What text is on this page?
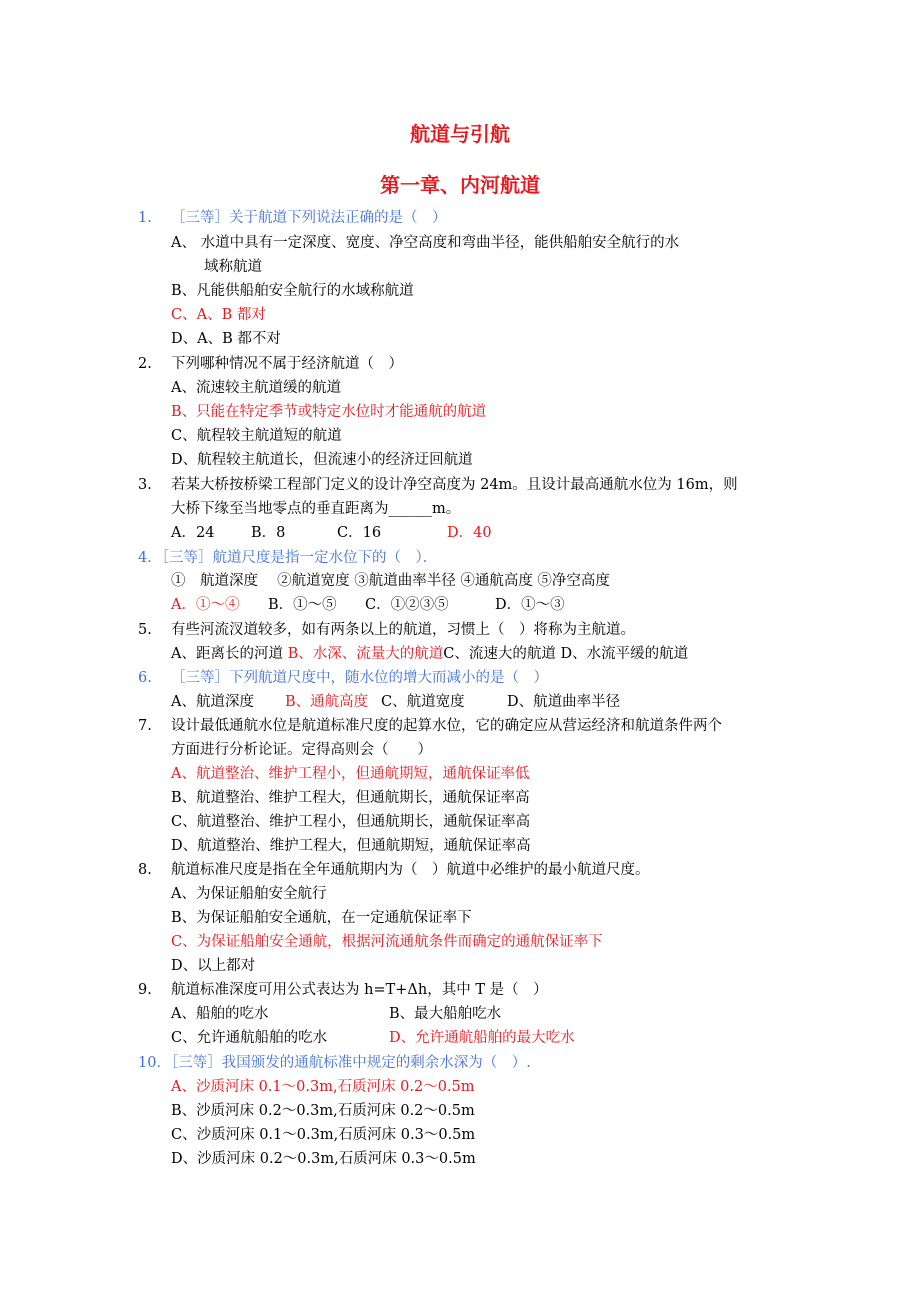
航道与引航
第一章、内河航道
1. ［三等］关于航道下列说法正确的是（　）
A、 水道中具有一定深度、宽度、净空高度和弯曲半径，能供船舶安全航行的水
域称航道
B、凡能供船舶安全航行的水域称航道
C、A、B 都对
D、A、B 都不对
2. 下列哪种情况不属于经济航道（　）
A、流速较主航道缓的航道
B、只能在特定季节或特定水位时才能通航的航道
C、航程较主航道短的航道
D、航程较主航道长，但流速小的经济迂回航道
3. 若某大桥按桥梁工程部门定义的设计净空高度为 24m。且设计最高通航水位为 16m，则
大桥下缘至当地零点的垂直距离为______m。
A．24	B．8	C．16	D．40
4．［三等］航道尺度是指一定水位下的（　）．
①　航道深度　 ②航道宽度 ③航道曲率半径 ④通航高度 ⑤净空高度
A．①～④ B．①～⑤ C．①②③⑤	D．①～③
5. 有些河流汊道较多，如有两条以上的航道，习惯上（　）将称为主航道。
A、距离长的河道 B、水深、流量大的航道C、流速大的航道 D、水流平缓的航道
6. ［三等］下列航道尺度中，随水位的增大而减小的是（　）
A、航道深度 B、通航高度 C、航道宽度	D、航道曲率半径
7. 设计最低通航水位是航道标准尺度的起算水位，它的确定应从营运经济和航道条件两个
方面进行分析论证。定得高则会（　　）
A、航道整治、维护工程小，但通航期短，通航保证率低
B、航道整治、维护工程大，但通航期长，通航保证率高
C、航道整治、维护工程小，但通航期长，通航保证率高
D、航道整治、维护工程大，但通航期短，通航保证率高
8. 航道标准尺度是指在全年通航期内为（　）航道中必维护的最小航道尺度。
A、为保证船舶安全航行
B、为保证船舶安全通航，在一定通航保证率下
C、为保证船舶安全通航，根据河流通航条件而确定的通航保证率下
D、以上都对
9. 航道标准深度可用公式表达为 h=T+Δh，其中 T 是（　）
A、船舶的吃水	B、最大船舶吃水
C、允许通航船舶的吃水	D、允许通航船舶的最大吃水
10．［三等］我国颁发的通航标准中规定的剩余水深为（　）.
A、沙质河床 0.1～0.3m,石质河床 0.2～0.5m
B、沙质河床 0.2～0.3m,石质河床 0.2～0.5m
C、沙质河床 0.1～0.3m,石质河床 0.3～0.5m
D、沙质河床 0.2～0.3m,石质河床 0.3～0.5m
